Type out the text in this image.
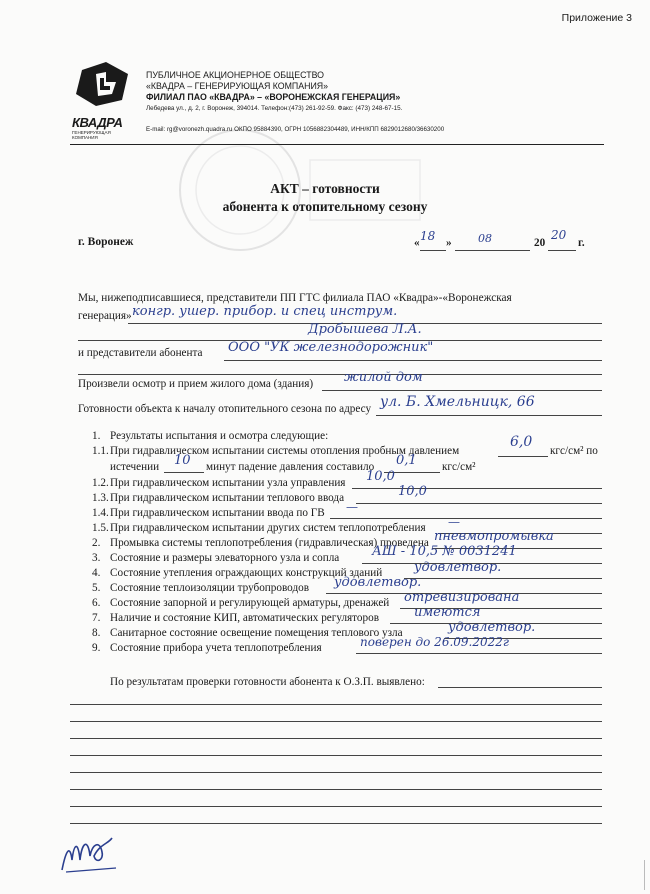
Приложение 3
КВАДРА
ГЕНЕРИРУЮЩАЯ
КОМПАНИЯ
ПУБЛИЧНОЕ АКЦИОНЕРНОЕ ОБЩЕСТВО
«КВАДРА – ГЕНЕРИРУЮЩАЯ КОМПАНИЯ»
ФИЛИАЛ ПАО «КВАДРА» – «ВОРОНЕЖСКАЯ ГЕНЕРАЦИЯ»
Лебедева ул., д. 2, г. Воронеж, 394014. Телефон:(473) 261-92-59. Факс: (473) 248-67-15.
E-mail: rg@voronezh.quadra.ru ОКПО 95884390, ОГРН 1056882304489, ИНН/КПП 6829012680/36630200
АКТ – готовности
абонента к отопительному сезону
г. Воронеж	« 18 » 08	20
20
г.
Мы, нижеподписавшиеся, представители ПП ГТС филиала ПАО «Квадра»-«Воронежская
генерация» конгр. ушер. прибор. и спец инструм.
Дробышева Л.А.
и представители абонента ООО "УК железнодорожник"
Произвели осмотр и прием жилого дома (здания) жилой дом
Готовности объекта к началу отопительного сезона по адресу ул. Б. Хмельницк, 66
1. Результаты испытания и осмотра следующие:
1.1.При гидравлическом испытании системы отопления пробным давлением
6,0
кгс/см² по
истечении 10 минут падение давления составило 0,1 кгс/см²
1.2.При гидравлическом испытании узла управления 10,0
1.3.При гидравлическом испытании теплового ввода	10,0
1.4.При гидравлическом испытании ввода по ГВ —
1.5.При гидравлическом испытании других систем теплопотребления —
2. Промывка системы теплопотребления (гидравлическая) проведена пневмопромывка
3. Состояние и размеры элеваторного узла и сопла	АШ - 10,5 № 0031241
4. Состояние утепления ограждающих конструкций зданий удовлетвор.
5. Состояние теплоизоляции трубопроводов удовлетвор.
6. Состояние запорной и регулирующей арматуры, дренажей отревизирована
7. Наличие и состояние КИП, автоматических регуляторов	имеются
8. Санитарное состояние освещение помещения теплового узла	удовлетвор.
9. Состояние прибора учета теплопотребления	поверен до 26.09.2022г
По результатам проверки готовности абонента к О.З.П. выявлено:
